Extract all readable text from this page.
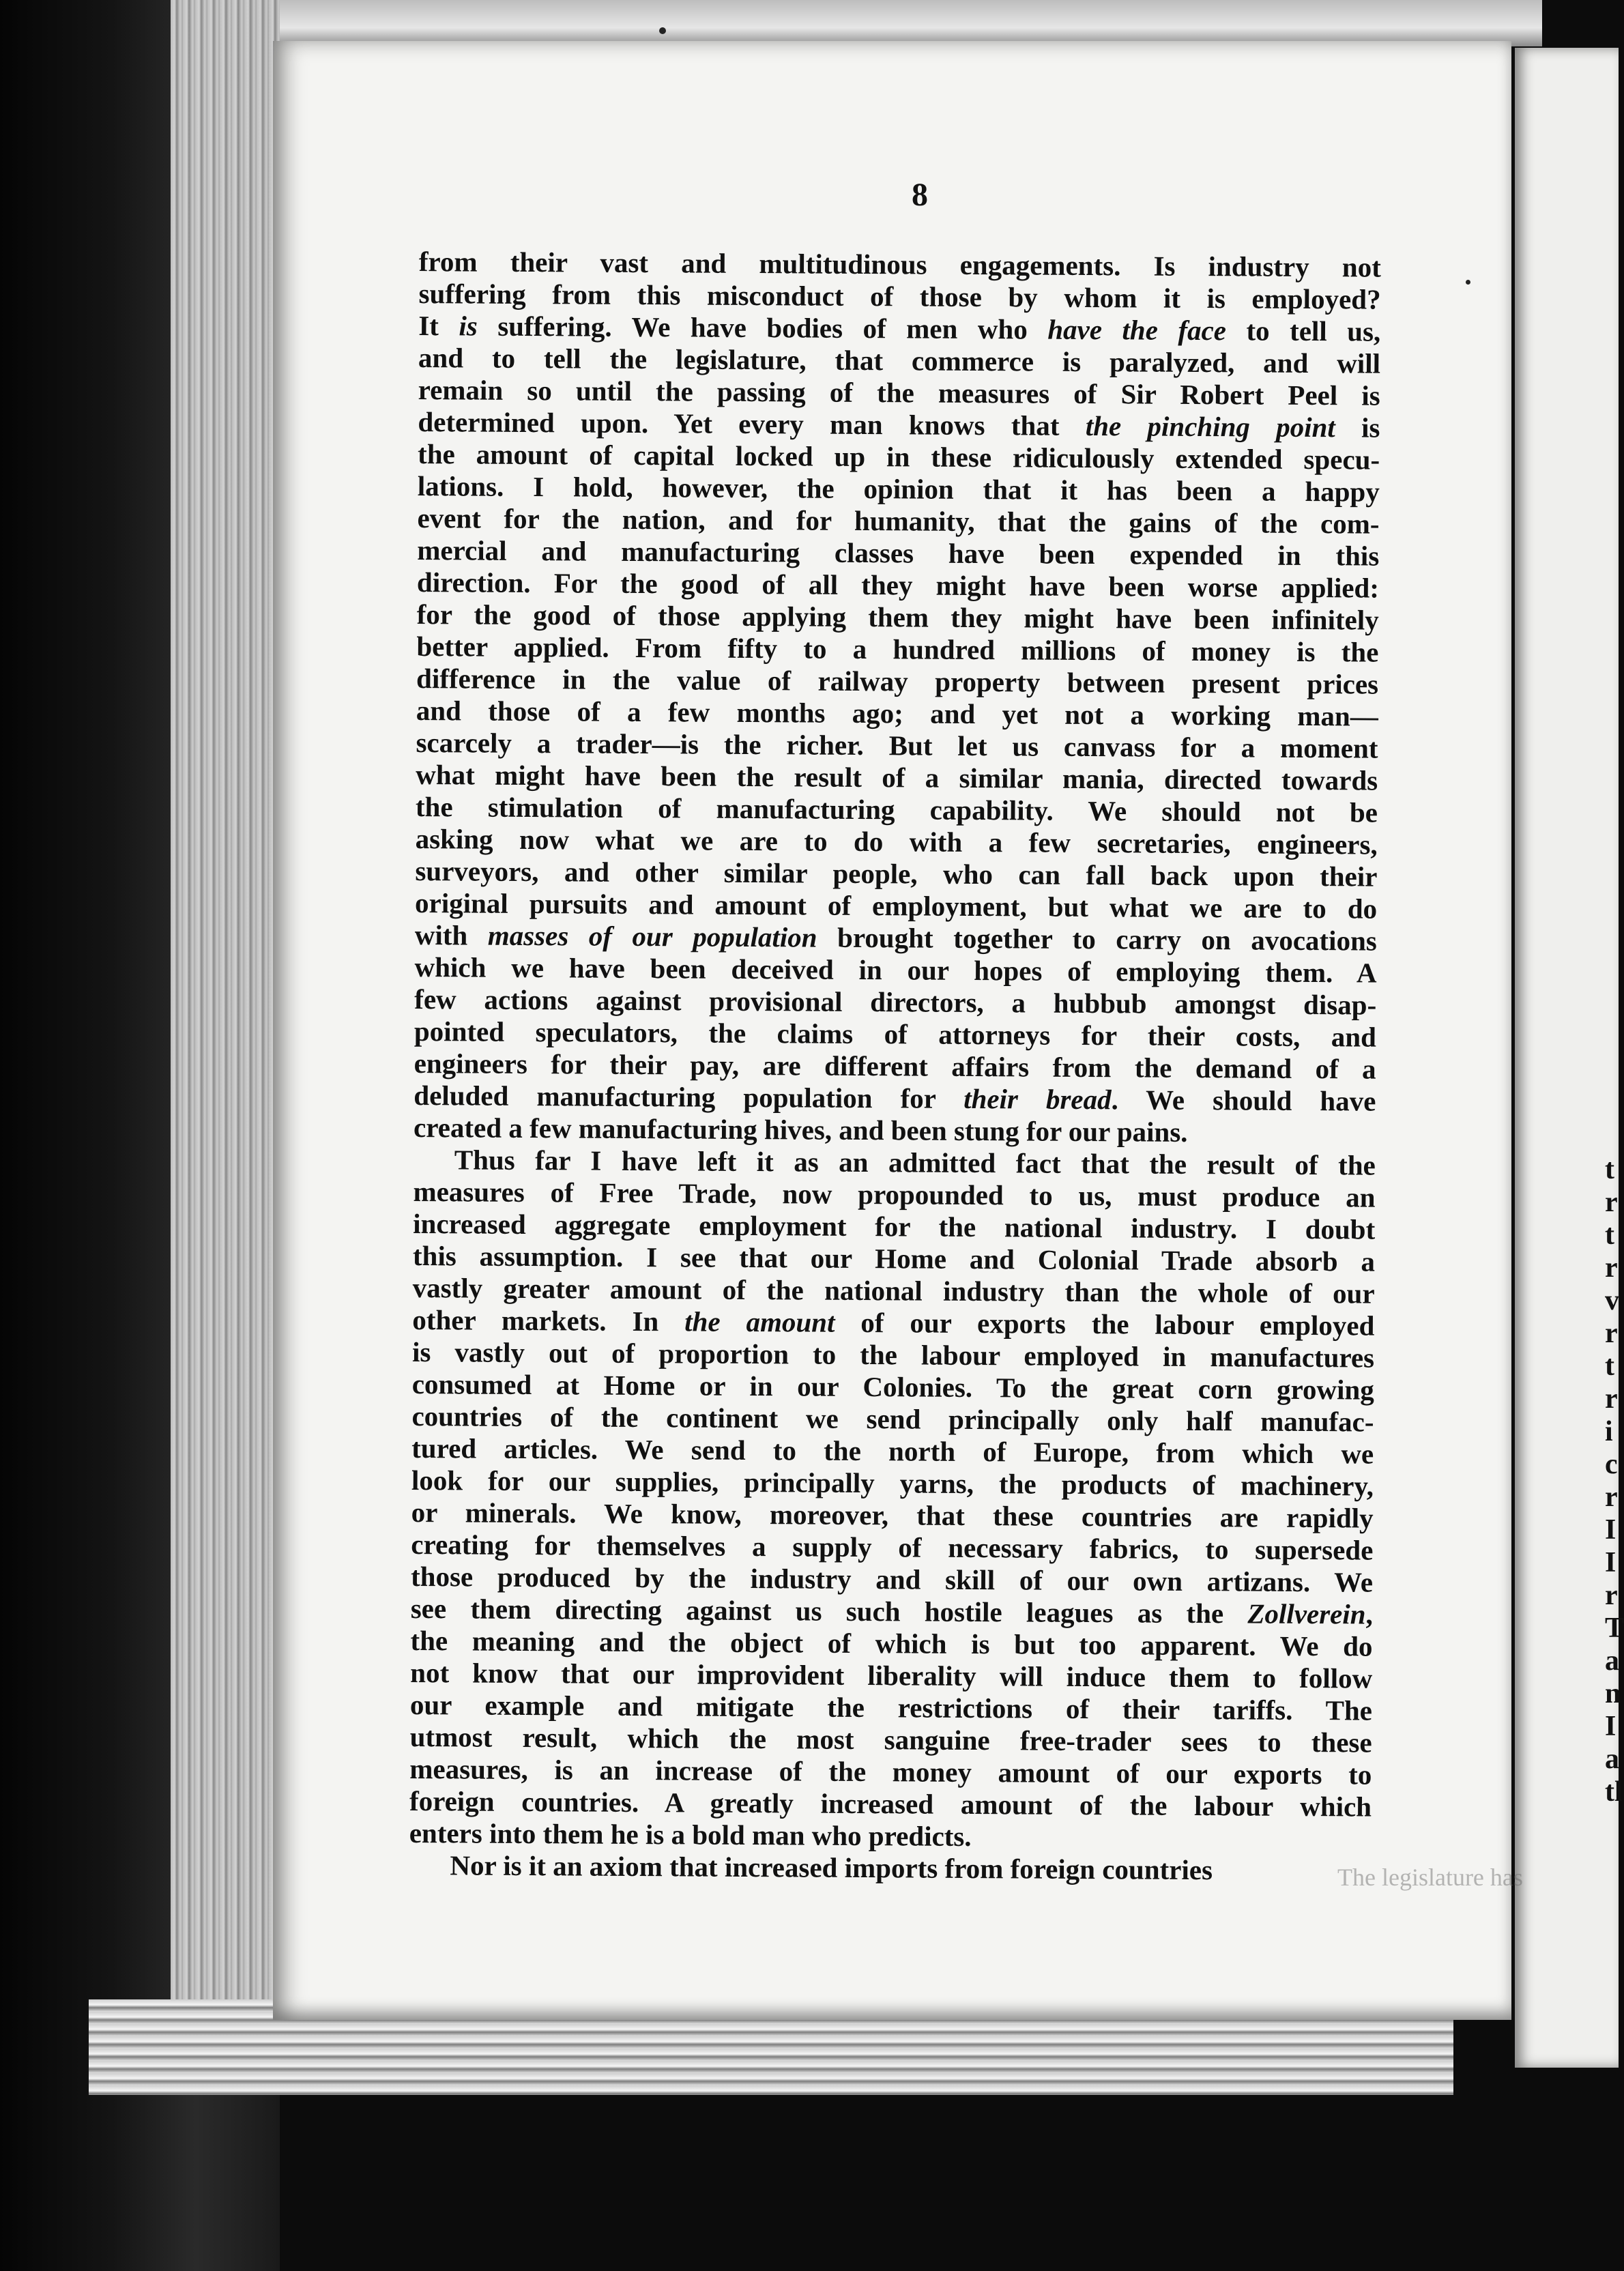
t
r
t
r
v
r
t
r
i
c
r
I
I
r
T
a
n
I
a
tl
8
from their vast and multitudinous engagements. Is industry not
suffering from this misconduct of those by whom it is employed?
It is suffering. We have bodies of men who have the face to tell us,
and to tell the legislature, that commerce is paralyzed, and will
remain so until the passing of the measures of Sir Robert Peel is
determined upon. Yet every man knows that the pinching point is
the amount of capital locked up in these ridiculously extended specu-
lations. I hold, however, the opinion that it has been a happy
event for the nation, and for humanity, that the gains of the com-
mercial and manufacturing classes have been expended in this
direction. For the good of all they might have been worse applied:
for the good of those applying them they might have been infinitely
better applied. From fifty to a hundred millions of money is the
difference in the value of railway property between present prices
and those of a few months ago; and yet not a working man—
scarcely a trader—is the richer. But let us canvass for a moment
what might have been the result of a similar mania, directed towards
the stimulation of manufacturing capability. We should not be
asking now what we are to do with a few secretaries, engineers,
surveyors, and other similar people, who can fall back upon their
original pursuits and amount of employment, but what we are to do
with masses of our population brought together to carry on avocations
which we have been deceived in our hopes of employing them. A
few actions against provisional directors, a hubbub amongst disap-
pointed speculators, the claims of attorneys for their costs, and
engineers for their pay, are different affairs from the demand of a
deluded manufacturing population for their bread. We should have
created a few manufacturing hives, and been stung for our pains.
Thus far I have left it as an admitted fact that the result of the
measures of Free Trade, now propounded to us, must produce an
increased aggregate employment for the national industry. I doubt
this assumption. I see that our Home and Colonial Trade absorb a
vastly greater amount of the national industry than the whole of our
other markets. In the amount of our exports the labour employed
is vastly out of proportion to the labour employed in manufactures
consumed at Home or in our Colonies. To the great corn growing
countries of the continent we send principally only half manufac-
tured articles. We send to the north of Europe, from which we
look for our supplies, principally yarns, the products of machinery,
or minerals. We know, moreover, that these countries are rapidly
creating for themselves a supply of necessary fabrics, to supersede
those produced by the industry and skill of our own artizans. We
see them directing against us such hostile leagues as the Zollverein,
the meaning and the object of which is but too apparent. We do
not know that our improvident liberality will induce them to follow
our example and mitigate the restrictions of their tariffs. The
utmost result, which the most sanguine free-trader sees to these
measures, is an increase of the money amount of our exports to
foreign countries. A greatly increased amount of the labour which
enters into them he is a bold man who predicts.
Nor is it an axiom that increased imports from foreign countries	The legislature has
